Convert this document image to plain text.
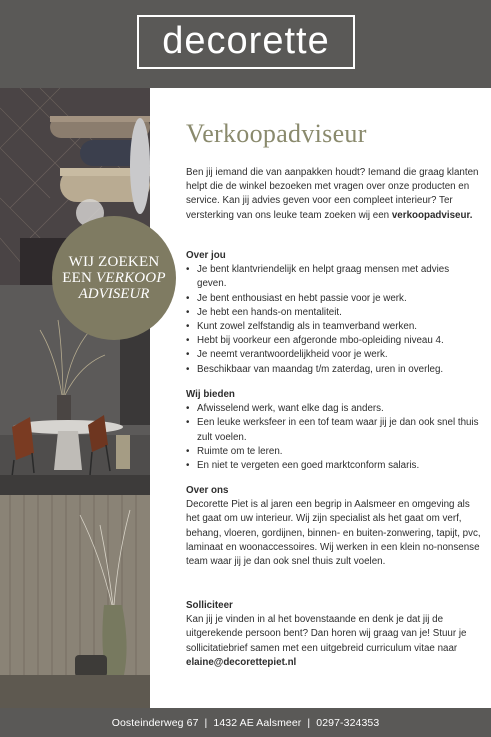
decorette
WIJ ZOEKEN
EEN VERKOOP
ADVISEUR
Verkoopadviseur

Ben jij iemand die van aanpakken houdt? Iemand die graag klanten helpt die de winkel bezoeken met vragen over onze producten en service. Kan jij advies geven voor een compleet interieur? Ter versterking van ons leuke team zoeken wij een verkoopadviseur.

Over jou
• Je bent klantvriendelijk en helpt graag mensen met advies geven.
• Je bent enthousiast en hebt passie voor je werk.
• Je hebt een hands-on mentaliteit.
• Kunt zowel zelfstandig als in teamverband werken.
• Hebt bij voorkeur een afgeronde mbo-opleiding niveau 4.
• Je neemt verantwoordelijkheid voor je werk.
• Beschikbaar van maandag t/m zaterdag, uren in overleg.
Wij bieden
• Afwisselend werk, want elke dag is anders.
• Een leuke werksfeer in een tof team waar jij je dan ook snel thuis zult voelen.
• Ruimte om te leren.
• En niet te vergeten een goed marktconform salaris.
Over ons

Decorette Piet is al jaren een begrip in Aalsmeer en omgeving als het gaat om uw interieur. Wij zijn specialist als het gaat om verf, behang, vloeren, gordijnen, binnen- en buiten-zonwering, tapijt, pvc, laminaat en woonaccessoires. Wij werken in een klein no-nonsense team waar jij je dan ook snel thuis zult voelen.

Solliciteer

Kan jij je vinden in al het bovenstaande en denk je dat jij de uitgerekende persoon bent? Dan horen wij graag van je! Stuur je sollicitatiebrief samen met een uitgebreid curriculum vitae naar elaine@decorettepiet.nl

Oosteinderweg 67  |  1432 AE Aalsmeer  |  0297-324353
